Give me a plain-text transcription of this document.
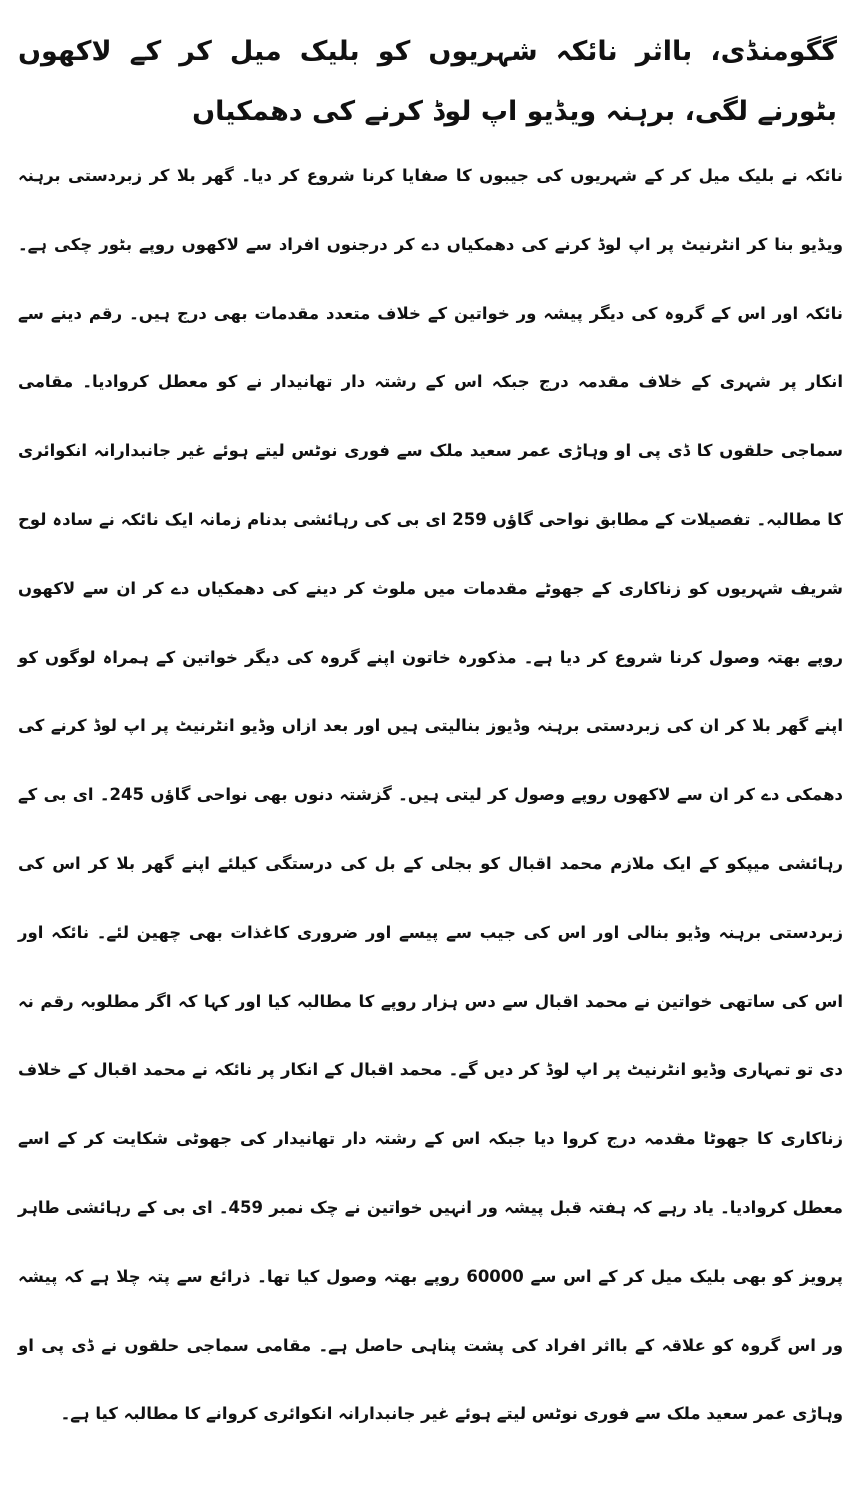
گگومنڈی، بااثر نائکہ شہریوں کو بلیک میل کر کے لاکھوں بٹورنے لگی، برہنہ ویڈیو اپ لوڈ کرنے کی دھمکیاں

نائکہ نے بلیک میل کر کے شہریوں کی جیبوں کا صفایا کرنا شروع کر دیا۔ گھر بلا کر زبردستی برہنہ ویڈیو بنا کر انٹرنیٹ پر اپ لوڈ کرنے کی دھمکیاں دے کر درجنوں افراد سے لاکھوں روپے بٹور چکی ہے۔ نائکہ اور اس کے گروہ کی دیگر پیشہ ور خواتین کے خلاف متعدد مقدمات بھی درج ہیں۔ رقم دینے سے انکار پر شہری کے خلاف مقدمہ درج جبکہ اس کے رشتہ دار تھانیدار نے کو معطل کروادیا۔ مقامی سماجی حلقوں کا ڈی پی او وہاڑی عمر سعید ملک سے فوری نوٹس لیتے ہوئے غیر جانبدارانہ انکوائری کا مطالبہ۔ تفصیلات کے مطابق نواحی گاؤں 259 ای بی کی رہائشی بدنام زمانہ ایک نائکہ نے سادہ لوح شریف شہریوں کو زناکاری کے جھوٹے مقدمات میں ملوث کر دینے کی دھمکیاں دے کر ان سے لاکھوں روپے بھتہ وصول کرنا شروع کر دیا ہے۔ مذکورہ خاتون اپنے گروہ کی دیگر خواتین کے ہمراہ لوگوں کو اپنے گھر بلا کر ان کی زبردستی برہنہ وڈیوز بنالیتی ہیں اور بعد ازاں وڈیو انٹرنیٹ پر اپ لوڈ کرنے کی دھمکی دے کر ان سے لاکھوں روپے وصول کر لیتی ہیں۔ گزشتہ دنوں بھی نواحی گاؤں 245۔ ای بی کے رہائشی میپکو کے ایک ملازم محمد اقبال کو بجلی کے بل کی درستگی کیلئے اپنے گھر بلا کر اس کی زبردستی برہنہ وڈیو بنالی اور اس کی جیب سے پیسے اور ضروری کاغذات بھی چھین لئے۔ نائکہ اور اس کی ساتھی خواتین نے محمد اقبال سے دس ہزار روپے کا مطالبہ کیا اور کہا کہ اگر مطلوبہ رقم نہ دی تو تمہاری وڈیو انٹرنیٹ پر اپ لوڈ کر دیں گے۔ محمد اقبال کے انکار پر نائکہ نے محمد اقبال کے خلاف زناکاری کا جھوٹا مقدمہ درج کروا دیا جبکہ اس کے رشتہ دار تھانیدار کی جھوٹی شکایت کر کے اسے معطل کروادیا۔ یاد رہے کہ ہفتہ قبل پیشہ ور انہیں خواتین نے چک نمبر 459۔ ای بی کے رہائشی طاہر پرویز کو بھی بلیک میل کر کے اس سے 60000 روپے بھتہ وصول کیا تھا۔ ذرائع سے پتہ چلا ہے کہ پیشہ ور اس گروہ کو علاقہ کے بااثر افراد کی پشت پناہی حاصل ہے۔ مقامی سماجی حلقوں نے ڈی پی او وہاڑی عمر سعید ملک سے فوری نوٹس لیتے ہوئے غیر جانبدارانہ انکوائری کروانے کا مطالبہ کیا ہے۔
